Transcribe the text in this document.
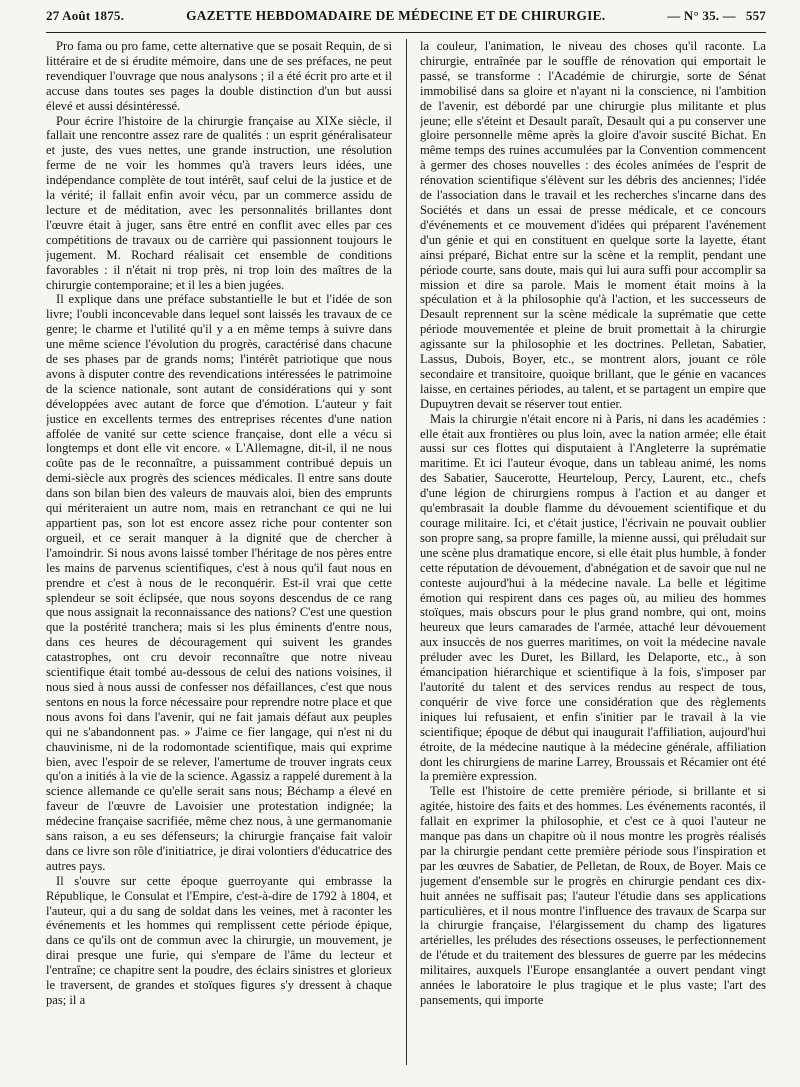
27 Août 1875.	GAZETTE HEBDOMADAIRE DE MÉDECINE ET DE CHIRURGIE.	— N° 35. — 557

Pro fama ou pro fame, cette alternative que se posait Requin, de si littéraire et de si érudite mémoire, dans une de ses préfaces, ne peut revendiquer l'ouvrage que nous analysons ; il a été écrit pro arte et il accuse dans toutes ses pages la double distinction d'un but aussi élevé et aussi désintéressé.

Pour écrire l'histoire de la chirurgie française au XIXe siècle, il fallait une rencontre assez rare de qualités : un esprit généralisateur et juste, des vues nettes, une grande instruction, une résolution ferme de ne voir les hommes qu'à travers leurs idées, une indépendance complète de tout intérêt, sauf celui de la justice et de la vérité; il fallait enfin avoir vécu, par un commerce assidu de lecture et de méditation, avec les personnalités brillantes dont l'œuvre était à juger, sans être entré en conflit avec elles par ces compétitions de travaux ou de carrière qui passionnent toujours le jugement. M. Rochard réalisait cet ensemble de conditions favorables : il n'était ni trop près, ni trop loin des maîtres de la chirurgie contemporaine; et il les a bien jugées.

Il explique dans une préface substantielle le but et l'idée de son livre; l'oubli inconcevable dans lequel sont laissés les travaux de ce genre; le charme et l'utilité qu'il y a en même temps à suivre dans une même science l'évolution du progrès, caractérisé dans chacune de ses phases par de grands noms; l'intérêt patriotique que nous avons à disputer contre des revendications intéressées le patrimoine de la science nationale, sont autant de considérations qui y sont développées avec autant de force que d'émotion. L'auteur y fait justice en excellents termes des entreprises récentes d'une nation affolée de vanité sur cette science française, dont elle a vécu si longtemps et dont elle vit encore. « L'Allemagne, dit-il, il ne nous coûte pas de le reconnaître, a puissamment contribué depuis un demi-siècle aux progrès des sciences médicales. Il entre sans doute dans son bilan bien des valeurs de mauvais aloi, bien des emprunts qui mériteraient un autre nom, mais en retranchant ce qui ne lui appartient pas, son lot est encore assez riche pour contenter son orgueil, et ce serait manquer à la dignité que de chercher à l'amoindrir. Si nous avons laissé tomber l'héritage de nos pères entre les mains de parvenus scientifiques, c'est à nous qu'il faut nous en prendre et c'est à nous de le reconquérir. Est-il vrai que cette splendeur se soit éclipsée, que nous soyons descendus de ce rang que nous assignait la reconnaissance des nations? C'est une question que la postérité tranchera; mais si les plus éminents d'entre nous, dans ces heures de découragement qui suivent les grandes catastrophes, ont cru devoir reconnaître que notre niveau scientifique était tombé au-dessous de celui des nations voisines, il nous sied à nous aussi de confesser nos défaillances, c'est que nous sentons en nous la force nécessaire pour reprendre notre place et que nous avons foi dans l'avenir, qui ne fait jamais défaut aux peuples qui ne s'abandonnent pas. » J'aime ce fier langage, qui n'est ni du chauvinisme, ni de la rodomontade scientifique, mais qui exprime bien, avec l'espoir de se relever, l'amertume de trouver ingrats ceux qu'on a initiés à la vie de la science. Agassiz a rappelé durement à la science allemande ce qu'elle serait sans nous; Béchamp a élevé en faveur de l'œuvre de Lavoisier une protestation indignée; la médecine française sacrifiée, même chez nous, à une germanomanie sans raison, a eu ses défenseurs; la chirurgie française fait valoir dans ce livre son rôle d'initiatrice, je dirai volontiers d'éducatrice des autres pays.

Il s'ouvre sur cette époque guerroyante qui embrasse la République, le Consulat et l'Empire, c'est-à-dire de 1792 à 1804, et l'auteur, qui a du sang de soldat dans les veines, met à raconter les événements et les hommes qui remplissent cette période épique, dans ce qu'ils ont de commun avec la chirurgie, un mouvement, je dirai presque une furie, qui s'empare de l'âme du lecteur et l'entraîne; ce chapitre sent la poudre, des éclairs sinistres et glorieux le traversent, de grandes et stoïques figures s'y dressent à chaque pas; il a

la couleur, l'animation, le niveau des choses qu'il raconte. La chirurgie, entraînée par le souffle de rénovation qui emportait le passé, se transforme : l'Académie de chirurgie, sorte de Sénat immobilisé dans sa gloire et n'ayant ni la conscience, ni l'ambition de l'avenir, est débordé par une chirurgie plus militante et plus jeune; elle s'éteint et Desault paraît, Desault qui a pu conserver une gloire personnelle même après la gloire d'avoir suscité Bichat. En même temps des ruines accumulées par la Convention commencent à germer des choses nouvelles : des écoles animées de l'esprit de rénovation scientifique s'élèvent sur les débris des anciennes; l'idée de l'association dans le travail et les recherches s'incarne dans des Sociétés et dans un essai de presse médicale, et ce concours d'événements et ce mouvement d'idées qui préparent l'avénement d'un génie et qui en constituent en quelque sorte la layette, étant ainsi préparé, Bichat entre sur la scène et la remplit, pendant une période courte, sans doute, mais qui lui aura suffi pour accomplir sa mission et dire sa parole. Mais le moment était moins à la spéculation et à la philosophie qu'à l'action, et les successeurs de Desault reprennent sur la scène médicale la suprématie que cette période mouvementée et pleine de bruit promettait à la chirurgie agissante sur la philosophie et les doctrines. Pelletan, Sabatier, Lassus, Dubois, Boyer, etc., se montrent alors, jouant ce rôle secondaire et transitoire, quoique brillant, que le génie en vacances laisse, en certaines périodes, au talent, et se partagent un empire que Dupuytren devait se réserver tout entier.

Mais la chirurgie n'était encore ni à Paris, ni dans les académies : elle était aux frontières ou plus loin, avec la nation armée; elle était aussi sur ces flottes qui disputaient à l'Angleterre la suprématie maritime. Et ici l'auteur évoque, dans un tableau animé, les noms des Sabatier, Saucerotte, Heurteloup, Percy, Laurent, etc., chefs d'une légion de chirurgiens rompus à l'action et au danger et qu'embrasait la double flamme du dévouement scientifique et du courage militaire. Ici, et c'était justice, l'écrivain ne pouvait oublier son propre sang, sa propre famille, la mienne aussi, qui préludait sur une scène plus dramatique encore, si elle était plus humble, à fonder cette réputation de dévouement, d'abnégation et de savoir que nul ne conteste aujourd'hui à la médecine navale. La belle et légitime émotion qui respirent dans ces pages où, au milieu des hommes stoïques, mais obscurs pour le plus grand nombre, qui ont, moins heureux que leurs camarades de l'armée, attaché leur dévouement aux insuccès de nos guerres maritimes, on voit la médecine navale préluder avec les Duret, les Billard, les Delaporte, etc., à son émancipation hiérarchique et scientifique à la fois, s'imposer par l'autorité du talent et des services rendus au respect de tous, conquérir de vive force une considération que des règlements iniques lui refusaient, et enfin s'initier par le travail à la vie scientifique; époque de début qui inaugurait l'affiliation, aujourd'hui étroite, de la médecine nautique à la médecine générale, affiliation dont les chirurgiens de marine Larrey, Broussais et Récamier ont été la première expression.

Telle est l'histoire de cette première période, si brillante et si agitée, histoire des faits et des hommes. Les événements racontés, il fallait en exprimer la philosophie, et c'est ce à quoi l'auteur ne manque pas dans un chapitre où il nous montre les progrès réalisés par la chirurgie pendant cette première période sous l'inspiration et par les œuvres de Sabatier, de Pelletan, de Roux, de Boyer. Mais ce jugement d'ensemble sur le progrès en chirurgie pendant ces dix-huit années ne suffisait pas; l'auteur l'étudie dans ses applications particulières, et il nous montre l'influence des travaux de Scarpa sur la chirurgie française, l'élargissement du champ des ligatures artérielles, les préludes des résections osseuses, le perfectionnement de l'étude et du traitement des blessures de guerre par les médecins militaires, auxquels l'Europe ensanglantée a ouvert pendant vingt années le laboratoire le plus tragique et le plus vaste; l'art des pansements, qui importe
